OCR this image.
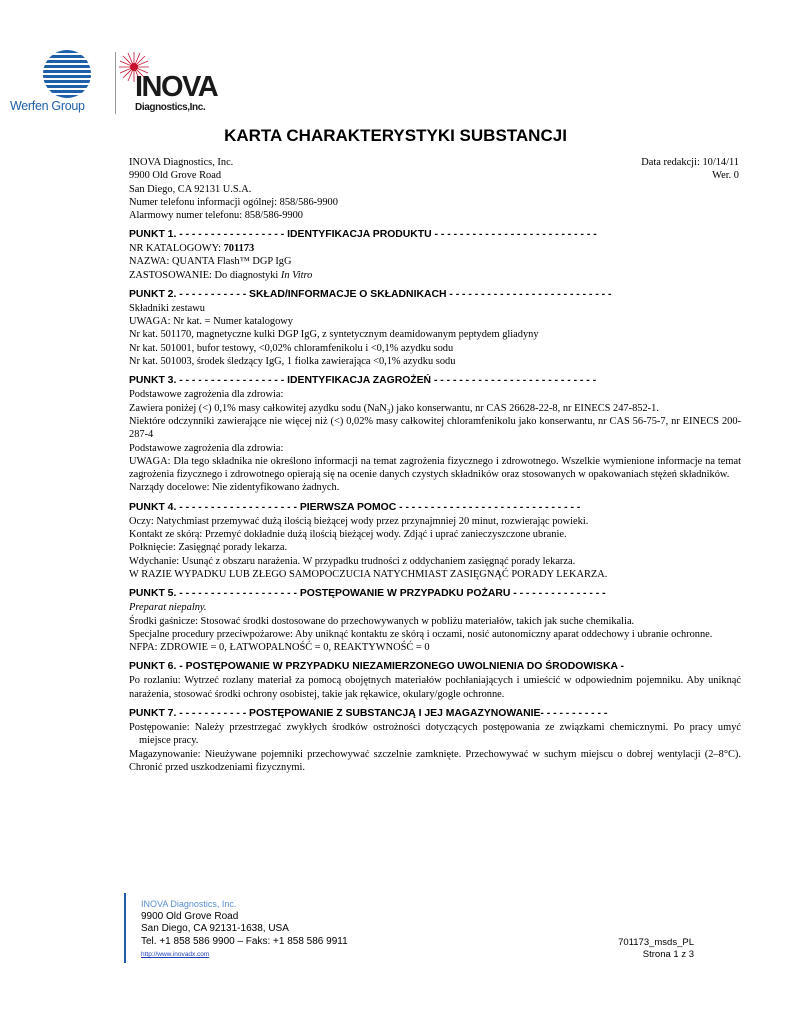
Werfen Group
INOVA
Diagnostics,Inc.
KARTA CHARAKTERYSTYKI SUBSTANCJI
INOVA Diagnostics, Inc.
9900 Old Grove Road
San Diego, CA 92131 U.S.A.
Numer telefonu informacji ogólnej: 858/586-9900
Alarmowy numer telefonu: 858/586-9900
Data redakcji: 10/14/11
Wer. 0
PUNKT 1. - - - - - - - - - - - - - - - - - IDENTYFIKACJA PRODUKTU - - - - - - - - - - - - - - - - - - - - - - - - - -
NR KATALOGOWY: 701173
NAZWA: QUANTA Flash™ DGP IgG
ZASTOSOWANIE: Do diagnostyki In Vitro
PUNKT 2. - - - - - - - - - - - SKŁAD/INFORMACJE O SKŁADNIKACH - - - - - - - - - - - - - - - - - - - - - - - - - -
Składniki zestawu
UWAGA: Nr kat. = Numer katalogowy
Nr kat. 501170, magnetyczne kulki DGP IgG, z syntetycznym deamidowanym peptydem gliadyny
Nr kat. 501001, bufor testowy, <0,02% chloramfenikolu i <0,1% azydku sodu
Nr kat. 501003, środek śledzący IgG, 1 fiolka zawierająca <0,1% azydku sodu
PUNKT 3. - - - - - - - - - - - - - - - - - IDENTYFIKACJA ZAGROŻEŃ - - - - - - - - - - - - - - - - - - - - - - - - - -
Podstawowe zagrożenia dla zdrowia:
Zawiera poniżej (<) 0,1% masy całkowitej azydku sodu (NaN$_3$) jako konserwantu, nr CAS 26628-22-8, nr EINECS 247-852-1.
Niektóre odczynniki zawierające nie więcej niż (<) 0,02% masy całkowitej chloramfenikolu jako konserwantu, nr CAS 56-75-7, nr EINECS 200-287-4
Podstawowe zagrożenia dla zdrowia:
UWAGA: Dla tego składnika nie określono informacji na temat zagrożenia fizycznego i zdrowotnego. Wszelkie wymienione informacje na temat zagrożenia fizycznego i zdrowotnego opierają się na ocenie danych czystych składników oraz stosowanych w opakowaniach stężeń składników.
Narządy docelowe: Nie zidentyfikowano żadnych.
PUNKT 4. - - - - - - - - - - - - - - - - - - - PIERWSZA POMOC - - - - - - - - - - - - - - - - - - - - - - - - - - - - -
Oczy: Natychmiast przemywać dużą ilością bieżącej wody przez przynajmniej 20 minut, rozwierając powieki.
Kontakt ze skórą: Przemyć dokładnie dużą ilością bieżącej wody. Zdjąć i uprać zanieczyszczone ubranie.
Połknięcie: Zasięgnąć porady lekarza.
Wdychanie: Usunąć z obszaru narażenia. W przypadku trudności z oddychaniem zasięgnąć porady lekarza.
W RAZIE WYPADKU LUB ZŁEGO SAMOPOCZUCIA NATYCHMIAST ZASIĘGNĄĆ PORADY LEKARZA.
PUNKT 5. - - - - - - - - - - - - - - - - - - - POSTĘPOWANIE W PRZYPADKU POŻARU - - - - - - - - - - - - - - -
Preparat niepalny.
Środki gaśnicze: Stosować środki dostosowane do przechowywanych w pobliżu materiałów, takich jak suche chemikalia.
Specjalne procedury przeciwpożarowe: Aby uniknąć kontaktu ze skórą i oczami, nosić autonomiczny aparat oddechowy i ubranie ochronne.
NFPA: ZDROWIE = 0, ŁATWOPALNOŚĆ = 0, REAKTYWNOŚĆ = 0
PUNKT 6. - POSTĘPOWANIE W PRZYPADKU NIEZAMIERZONEGO UWOLNIENIA DO ŚRODOWISKA -
Po rozlaniu: Wytrzeć rozlany materiał za pomocą obojętnych materiałów pochłaniających i umieścić w odpowiednim pojemniku. Aby uniknąć narażenia, stosować środki ochrony osobistej, takie jak rękawice, okulary/gogle ochronne.
PUNKT 7. - - - - - - - - - - - POSTĘPOWANIE Z SUBSTANCJĄ I JEJ MAGAZYNOWANIE- - - - - - - - - - -
Postępowanie: Należy przestrzegać zwykłych środków ostrożności dotyczących postępowania ze związkami chemicznymi. Po pracy umyć miejsce pracy.
Magazynowanie: Nieużywane pojemniki przechowywać szczelnie zamknięte. Przechowywać w suchym miejscu o dobrej wentylacji (2–8°C). Chronić przed uszkodzeniami fizycznymi.
INOVA Diagnostics, Inc.
9900 Old Grove Road
San Diego, CA 92131-1638, USA
Tel. +1 858 586 9900 – Faks: +1 858 586 9911
http://www.inovadx.com
701173_msds_PL
Strona 1 z 3
